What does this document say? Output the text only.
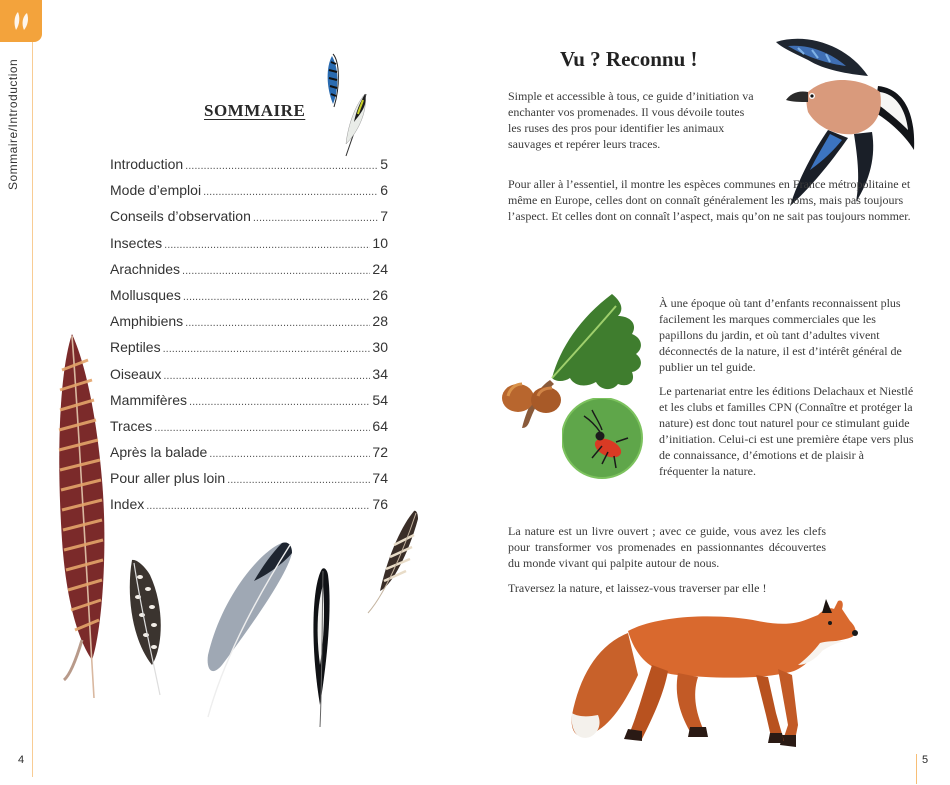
Sommaire/Introduction	SOMMAIRE
Introduction .....	5
Mode d’emploi .....	6
Conseils d’observation .....	7
Insectes .....	10
Arachnides .....	24
Mollusques .....	26
Amphibiens .....	28
Reptiles .....	30
Oiseaux .....	34
Mammifères .....	54
Traces .....	64
Après la balade .....	72
Pour aller plus loin .....	74
Index .....	76
4	5
Vu ? Reconnu !

Simple et accessible à tous, ce guide d’initiation va enchanter vos promenades. Il vous dévoile toutes les ruses des pros pour identifier les animaux sauvages et repérer leurs traces.

Pour aller à l’essentiel, il montre les espèces communes en France métropolitaine et même en Europe, celles dont on connaît généralement les noms, mais pas toujours l’aspect. Et celles dont on connaît l’aspect, mais qu’on ne sait pas toujours nommer.

À une époque où tant d’enfants reconnaissent plus facilement les marques commerciales que les papillons du jardin, et où tant d’adultes vivent déconnectés de la nature, il est d’intérêt général de publier un tel guide.

Le partenariat entre les éditions Delachaux et Niestlé et les clubs et familles CPN (Connaître et protéger la nature) est donc tout naturel pour ce stimulant guide d’initiation. Celui-ci est une première étape vers plus de connaissance, d’émotions et de plaisir à fréquenter la nature.

La nature est un livre ouvert ; avec ce guide, vous avez les clefs pour transformer vos promenades en passionnantes découvertes du monde vivant qui palpite autour de nous.

Traversez la nature, et laissez-vous traverser par elle !
